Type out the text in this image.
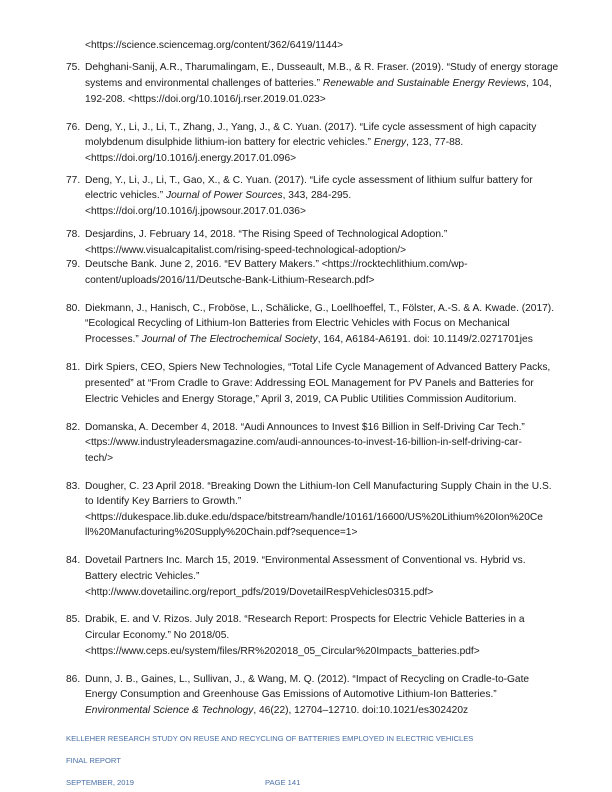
<https://science.sciencemag.org/content/362/6419/1144>
75. Dehghani-Sanij, A.R., Tharumalingam, E., Dusseault, M.B., & R. Fraser. (2019). “Study of energy storage
systems and environmental challenges of batteries.” Renewable and Sustainable Energy Reviews, 104,
192-208. <https://doi.org/10.1016/j.rser.2019.01.023>
76. Deng, Y., Li, J., Li, T., Zhang, J., Yang, J., & C. Yuan. (2017). “Life cycle assessment of high capacity
molybdenum disulphide lithium-ion battery for electric vehicles.” Energy, 123, 77-88.
<https://doi.org/10.1016/j.energy.2017.01.096>
77. Deng, Y., Li, J., Li, T., Gao, X., & C. Yuan. (2017). “Life cycle assessment of lithium sulfur battery for
electric vehicles.” Journal of Power Sources, 343, 284-295.
<https://doi.org/10.1016/j.jpowsour.2017.01.036>
78. Desjardins, J. February 14, 2018. “The Rising Speed of Technological Adoption.”
<https://www.visualcapitalist.com/rising-speed-technological-adoption/>
79. Deutsche Bank. June 2, 2016. “EV Battery Makers.” <https://rocktechlithium.com/wp-
content/uploads/2016/11/Deutsche-Bank-Lithium-Research.pdf>
80. Diekmann, J., Hanisch, C., Froböse, L., Schälicke, G., Loellhoeffel, T., Fölster, A.-S. & A. Kwade. (2017).
“Ecological Recycling of Lithium-Ion Batteries from Electric Vehicles with Focus on Mechanical
Processes.” Journal of The Electrochemical Society, 164, A6184-A6191. doi: 10.1149/2.0271701jes
81. Dirk Spiers, CEO, Spiers New Technologies, “Total Life Cycle Management of Advanced Battery Packs,
presented” at “From Cradle to Grave: Addressing EOL Management for PV Panels and Batteries for
Electric Vehicles and Energy Storage,” April 3, 2019, CA Public Utilities Commission Auditorium.
82. Domanska, A. December 4, 2018. “Audi Announces to Invest $16 Billion in Self-Driving Car Tech.”
<ttps://www.industryleadersmagazine.com/audi-announces-to-invest-16-billion-in-self-driving-car-
tech/>
83. Dougher, C. 23 April 2018. “Breaking Down the Lithium-Ion Cell Manufacturing Supply Chain in the U.S.
to Identify Key Barriers to Growth.”
<https://dukespace.lib.duke.edu/dspace/bitstream/handle/10161/16600/US%20Lithium%20Ion%20Ce
ll%20Manufacturing%20Supply%20Chain.pdf?sequence=1>
84. Dovetail Partners Inc. March 15, 2019. “Environmental Assessment of Conventional vs. Hybrid vs.
Battery electric Vehicles.”
<http://www.dovetailinc.org/report_pdfs/2019/DovetailRespVehicles0315.pdf>
85. Drabik, E. and V. Rizos. July 2018. “Research Report: Prospects for Electric Vehicle Batteries in a
Circular Economy.” No 2018/05.
<https://www.ceps.eu/system/files/RR%202018_05_Circular%20Impacts_batteries.pdf>
86. Dunn, J. B., Gaines, L., Sullivan, J., & Wang, M. Q. (2012). “Impact of Recycling on Cradle-to-Gate
Energy Consumption and Greenhouse Gas Emissions of Automotive Lithium-Ion Batteries.”
Environmental Science & Technology, 46(22), 12704–12710. doi:10.1021/es302420z
KELLEHER RESEARCH STUDY ON REUSE AND RECYCLING OF BATTERIES EMPLOYED IN ELECTRIC VEHICLES
FINAL REPORT
SEPTEMBER, 2019	PAGE 141
